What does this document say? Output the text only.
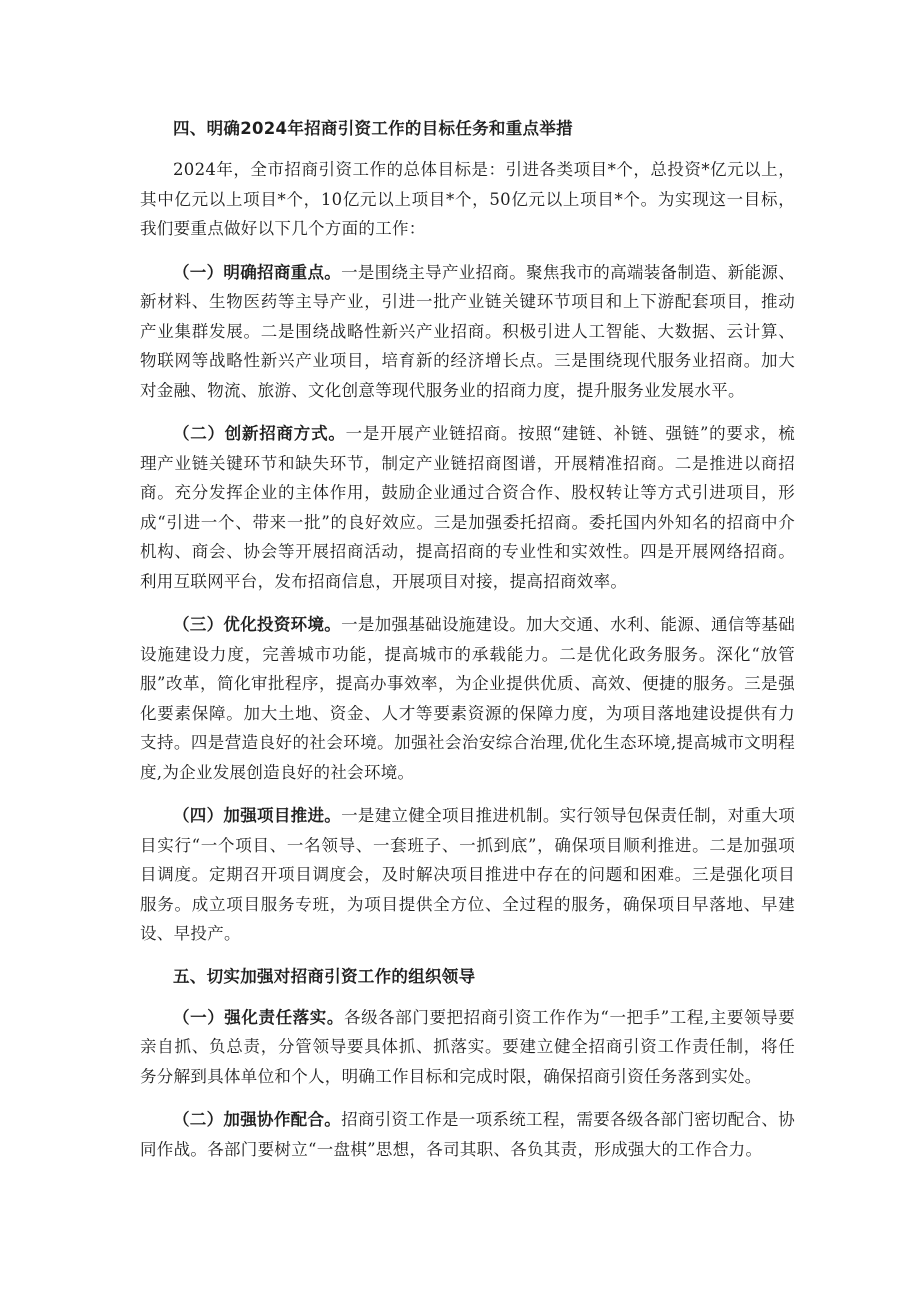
四、明确2024年招商引资工作的目标任务和重点举措

2024年，全市招商引资工作的总体目标是：引进各类项目*个，总投资*亿元以上，其中亿元以上项目*个，10亿元以上项目*个，50亿元以上项目*个。为实现这一目标，我们要重点做好以下几个方面的工作：

（一）明确招商重点。一是围绕主导产业招商。聚焦我市的高端装备制造、新能源、新材料、生物医药等主导产业，引进一批产业链关键环节项目和上下游配套项目，推动产业集群发展。二是围绕战略性新兴产业招商。积极引进人工智能、大数据、云计算、物联网等战略性新兴产业项目，培育新的经济增长点。三是围绕现代服务业招商。加大对金融、物流、旅游、文化创意等现代服务业的招商力度，提升服务业发展水平。

（二）创新招商方式。一是开展产业链招商。按照“建链、补链、强链”的要求，梳理产业链关键环节和缺失环节，制定产业链招商图谱，开展精准招商。二是推进以商招商。充分发挥企业的主体作用，鼓励企业通过合资合作、股权转让等方式引进项目，形成“引进一个、带来一批”的良好效应。三是加强委托招商。委托国内外知名的招商中介机构、商会、协会等开展招商活动，提高招商的专业性和实效性。四是开展网络招商。利用互联网平台，发布招商信息，开展项目对接，提高招商效率。

（三）优化投资环境。一是加强基础设施建设。加大交通、水利、能源、通信等基础设施建设力度，完善城市功能，提高城市的承载能力。二是优化政务服务。深化“放管服”改革，简化审批程序，提高办事效率，为企业提供优质、高效、便捷的服务。三是强化要素保障。加大土地、资金、人才等要素资源的保障力度，为项目落地建设提供有力支持。四是营造良好的社会环境。加强社会治安综合治理,优化生态环境,提高城市文明程度,为企业发展创造良好的社会环境。

（四）加强项目推进。一是建立健全项目推进机制。实行领导包保责任制，对重大项目实行“一个项目、一名领导、一套班子、一抓到底”，确保项目顺利推进。二是加强项目调度。定期召开项目调度会，及时解决项目推进中存在的问题和困难。三是强化项目服务。成立项目服务专班，为项目提供全方位、全过程的服务，确保项目早落地、早建设、早投产。

五、切实加强对招商引资工作的组织领导

（一）强化责任落实。各级各部门要把招商引资工作作为“一把手”工程,主要领导要亲自抓、负总责，分管领导要具体抓、抓落实。要建立健全招商引资工作责任制，将任务分解到具体单位和个人，明确工作目标和完成时限，确保招商引资任务落到实处。

（二）加强协作配合。招商引资工作是一项系统工程，需要各级各部门密切配合、协同作战。各部门要树立“一盘棋”思想，各司其职、各负其责，形成强大的工作合力。
